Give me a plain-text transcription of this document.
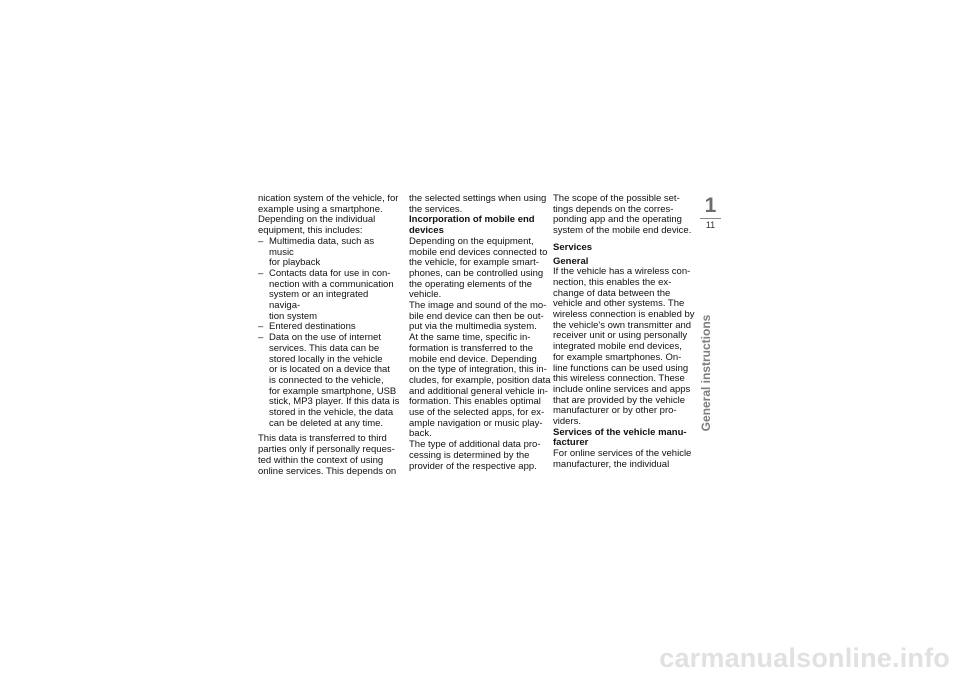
nication system of the vehicle, for

example using a smartphone.

Depending on the individual

equipment, this includes:

– Multimedia data, such as music

for playback

– Contacts data for use in con-

nection with a communication

system or an integrated naviga-

tion system

– Entered destinations

– Data on the use of internet

services. This data can be

stored locally in the vehicle

or is located on a device that

is connected to the vehicle,

for example smartphone, USB

stick, MP3 player. If this data is

stored in the vehicle, the data

can be deleted at any time.

This data is transferred to third

parties only if personally reques-

ted within the context of using

online services. This depends on

the selected settings when using

the services.

Incorporation of mobile end
devices

Depending on the equipment,

mobile end devices connected to

the vehicle, for example smart-

phones, can be controlled using

the operating elements of the

vehicle.

The image and sound of the mo-

bile end device can then be out-

put via the multimedia system.

At the same time, specific in-

formation is transferred to the

mobile end device. Depending

on the type of integration, this in-

cludes, for example, position data

and additional general vehicle in-

formation. This enables optimal

use of the selected apps, for ex-

ample navigation or music play-

back.

The type of additional data pro-

cessing is determined by the

provider of the respective app.

The scope of the possible set-

tings depends on the corres-

ponding app and the operating

system of the mobile end device.

Services
General

If the vehicle has a wireless con-

nection, this enables the ex-

change of data between the

vehicle and other systems. The

wireless connection is enabled by

the vehicle's own transmitter and

receiver unit or using personally

integrated mobile end devices,

for example smartphones. On-

line functions can be used using

this wireless connection. These

include online services and apps

that are provided by the vehicle

manufacturer or by other pro-

viders.

Services of the vehicle manu-
facturer

For online services of the vehicle

manufacturer, the individual

1
11
General instructions
carmanualsonline.info
